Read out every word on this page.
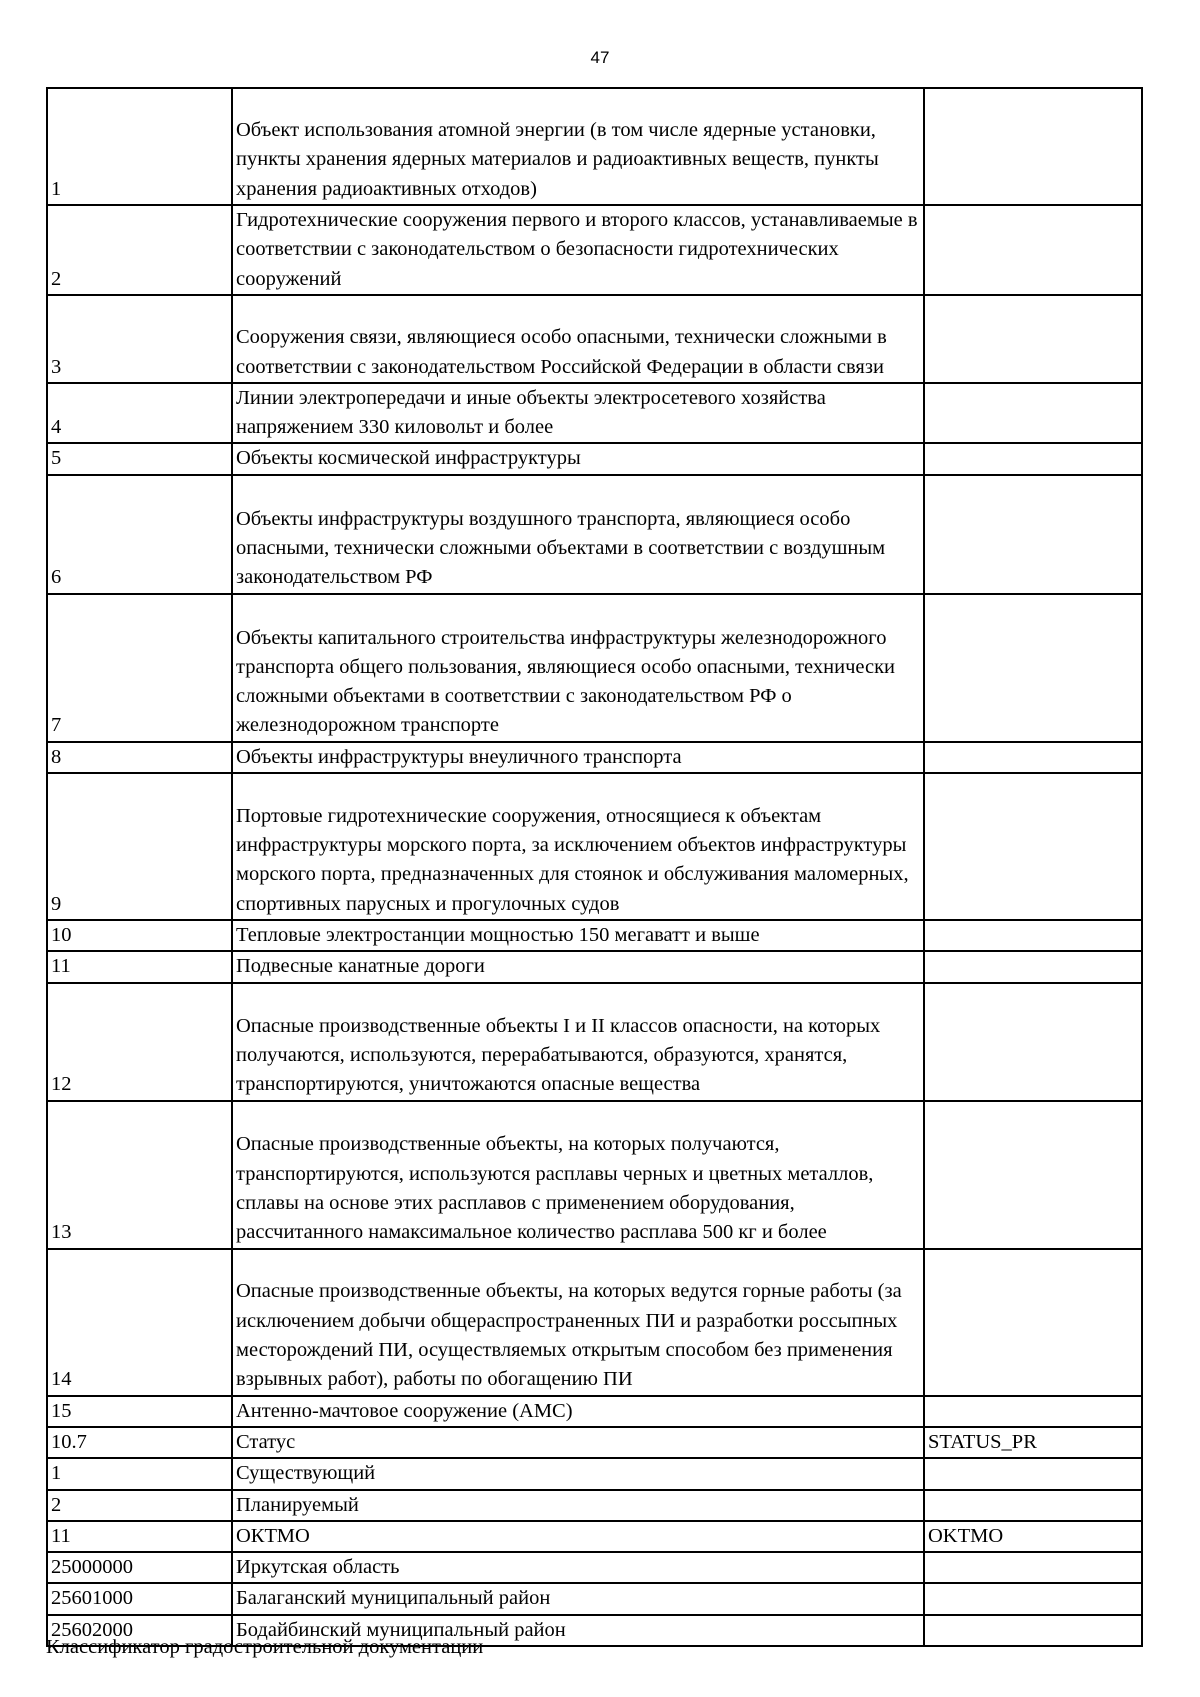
47
1	Объект использования атомной энергии (в том числе ядерные установки, пункты хранения ядерных материалов и радиоактивных веществ, пункты хранения радиоактивных отходов)	
2	Гидротехнические сооружения первого и второго классов, устанавливаемые в соответствии с законодательством о безопасности гидротехнических сооружений	
3	Сооружения связи, являющиеся особо опасными, технически сложными в соответствии с законодательством Российской Федерации в области связи	
4	Линии электропередачи и иные объекты электросетевого хозяйства напряжением 330 киловольт и более	
5	Объекты космической инфраструктуры	
6	Объекты инфраструктуры воздушного транспорта, являющиеся особо опасными, технически сложными объектами в соответствии с воздушным законодательством РФ	
7	Объекты капитального строительства инфраструктуры железнодорожного транспорта общего пользования, являющиеся особо опасными, технически сложными объектами в соответствии с законодательством РФ о железнодорожном транспорте	
8	Объекты инфраструктуры внеуличного транспорта	
9	Портовые гидротехнические сооружения, относящиеся к объектам инфраструктуры морского порта, за исключением объектов инфраструктуры морского порта, предназначенных для стоянок и обслуживания маломерных, спортивных парусных и прогулочных судов	
10	Тепловые электростанции мощностью 150 мегаватт и выше	
11	Подвесные канатные дороги	
12	Опасные производственные объекты I и II классов опасности, на которых получаются, используются, перерабатываются, образуются, хранятся, транспортируются, уничтожаются опасные вещества	
13	Опасные производственные объекты, на которых получаются, транспортируются, используются расплавы черных и цветных металлов, сплавы на основе этих расплавов с применением оборудования, рассчитанного намаксимальное количество расплава 500 кг и более	
14	Опасные производственные объекты, на которых ведутся горные работы (за исключением добычи общераспространенных ПИ и разработки россыпных месторождений ПИ, осуществляемых открытым способом без применения взрывных работ), работы по обогащению ПИ	
15	Антенно-мачтовое сооружение (АМС)	
10.7	Статус	STATUS_PR
1	Существующий	
2	Планируемый	
11	ОКТМО	OKTMO
25000000	Иркутская область	
25601000	Балаганский муниципальный район	
25602000	Бодайбинский муниципальный район	
Классификатор градостроительной документации
